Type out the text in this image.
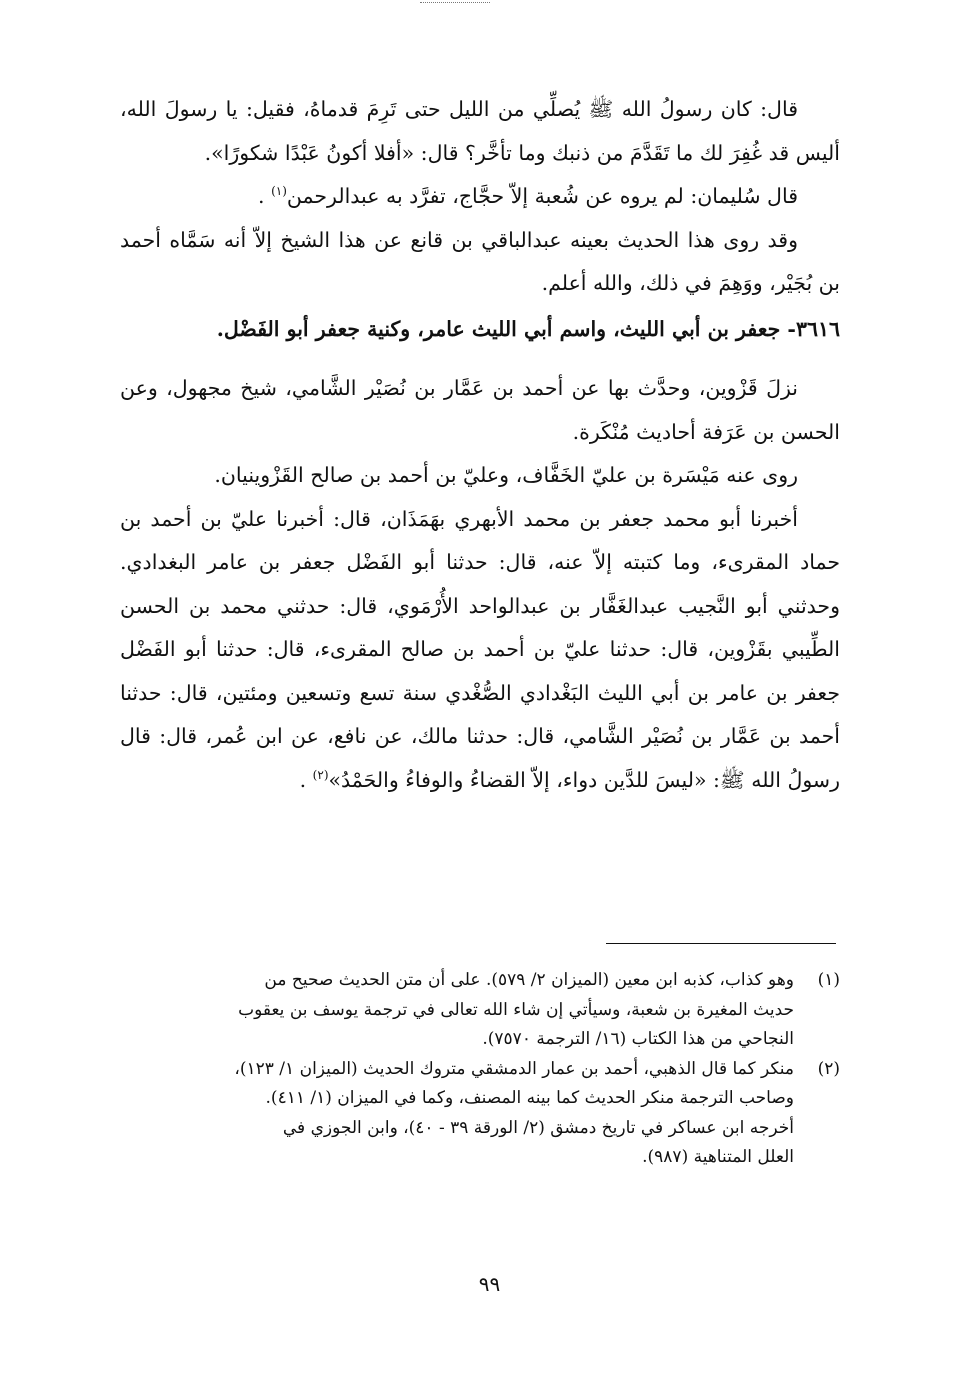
قال: كان رسولُ الله ﷺ يُصلِّي من الليل حتى تَرِمَ قدماهُ، فقيل: يا رسولَ الله، أليس قد غُفِرَ لك ما تَقَدَّمَ من ذنبك وما تأخَّر؟ قال: «أفلا أكونُ عَبْدًا شكورًا».

قال سُليمان: لم يروه عن شُعبة إلاّ حجَّاج، تفرَّد به عبدالرحمن$^{(١)}$ .

وقد روى هذا الحديث بعينه عبدالباقي بن قانع عن هذا الشيخ إلاّ أنه سَمَّاه أحمد بن بُجَيْر، ووَهِمَ في ذلك، والله أعلم.

٣٦١٦- جعفر بن أبي الليث، واسم أبي الليث عامر، وكنية جعفر أبو الفَضْل.

نزلَ قَزْوين، وحدَّث بها عن أحمد بن عَمَّار بن نُصَيْر الشَّامي، شيخ مجهول، وعن الحسن بن عَرَفة أحاديث مُنْكَرة.

روى عنه مَيْسَرة بن عليّ الخَفَّاف، وعليّ بن أحمد بن صالح القَزْوينيان.

أخبرنا أبو محمد جعفر بن محمد الأبهري بهَمَذَان، قال: أخبرنا عليّ بن أحمد بن حماد المقرىء، وما كتبته إلاّ عنه، قال: حدثنا أبو الفَضْل جعفر بن عامر البغدادي. وحدثني أبو النَّجيب عبدالغَفَّار بن عبدالواحد الأُرْمَوي، قال: حدثني محمد بن الحسن الطِّيبي بقَزْوين، قال: حدثنا عليّ بن أحمد بن صالح المقرىء، قال: حدثنا أبو الفَضْل جعفر بن عامر بن أبي الليث البَغْدادي الصُّغْدي سنة تسع وتسعين ومئتين، قال: حدثنا أحمد بن عَمَّار بن نُصَيْر الشَّامي، قال: حدثنا مالك، عن نافع، عن ابن عُمر، قال: قال رسولُ الله ﷺ: «ليسَ للدَّين دواء، إلاّ القضاءُ والوفاءُ والحَمْدُ»$^{(٢)}$ .

(١)

وهو كذاب، كذبه ابن معين (الميزان ٢/ ٥٧٩). على أن متن الحديث صحيح من

حديث المغيرة بن شعبة، وسيأتي إن شاء الله تعالى في ترجمة يوسف بن يعقوب

النجاحي من هذا الكتاب (١٦/ الترجمة ٧٥٧٠).

(٢)

منكر كما قال الذهبي، أحمد بن عمار الدمشقي متروك الحديث (الميزان ١/ ١٢٣)،

وصاحب الترجمة منكر الحديث كما بينه المصنف، وكما في الميزان (١/ ٤١١).

أخرجه ابن عساكر في تاريخ دمشق (٢/ الورقة ٣٩ - ٤٠)، وابن الجوزي في

العلل المتناهية (٩٨٧).

٩٩
